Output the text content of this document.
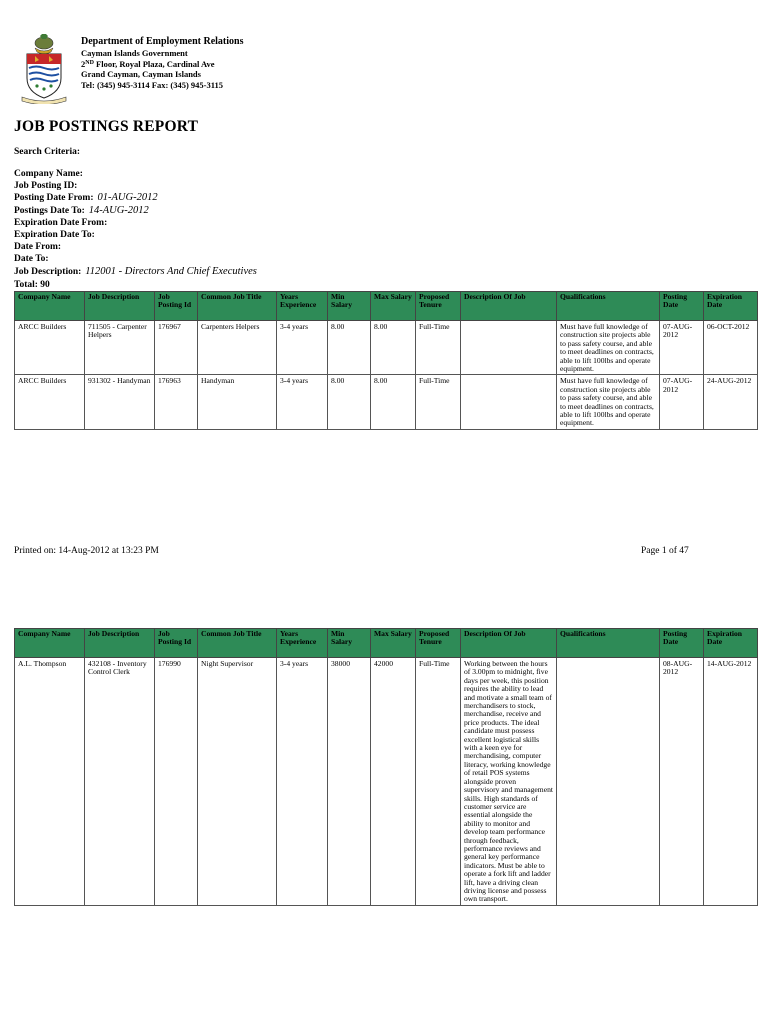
Department of Employment Relations
Cayman Islands Government
2ND Floor, Royal Plaza, Cardinal Ave
Grand Cayman, Cayman Islands
Tel: (345) 945-3114 Fax: (345) 945-3115
JOB POSTINGS REPORT
Search Criteria:
Company Name:
Job Posting ID:
Posting Date From: 01-AUG-2012
Postings Date To: 14-AUG-2012
Expiration Date From:
Expiration Date To:
Date From:
Date To:
Job Description: 112001 - Directors And Chief Executives
Total: 90
Company Name	Job Description	Job Posting Id	Common Job Title	Years Experience	Min Salary	Max Salary	Proposed Tenure	Description Of Job	Qualifications	Posting Date	Expiration Date
ARCC Builders	711505 - Carpenter Helpers	176967	Carpenters Helpers	3-4 years	8.00	8.00	Full-Time		Must have full knowledge of construction site projects able to pass safety course, and able to meet deadlines on contracts, able to lift 100lbs and operate equipment.	07-AUG-2012	06-OCT-2012
ARCC Builders	931302 - Handyman	176963	Handyman	3-4 years	8.00	8.00	Full-Time		Must have full knowledge of construction site projects able to pass safety course, and able to meet deadlines on contracts, able to lift 100lbs and operate equipment.	07-AUG-2012	24-AUG-2012
Printed on: 14-Aug-2012 at 13:23 PM	Page 1 of 47
Company Name	Job Description	Job Posting Id	Common Job Title	Years Experience	Min Salary	Max Salary	Proposed Tenure	Description Of Job	Qualifications	Posting Date	Expiration Date
A.L. Thompson	432108 - Inventory Control Clerk	176990	Night Supervisor	3-4 years	38000	42000	Full-Time	Working between the hours of 3.00pm to midnight, five days per week, this position requires the ability to lead and motivate a small team of merchandisers to stock, merchandise, receive and price products. The ideal candidate must possess excellent logistical skills with a keen eye for merchandising, computer literacy, working knowledge of retail POS systems alongside proven supervisory and management skills. High standards of customer service are essential alongside the ability to monitor and develop team performance through feedback, performance reviews and general key performance indicators. Must be able to operate a fork lift and ladder lift, have a driving clean driving license and possess own transport.		08-AUG-2012	14-AUG-2012
